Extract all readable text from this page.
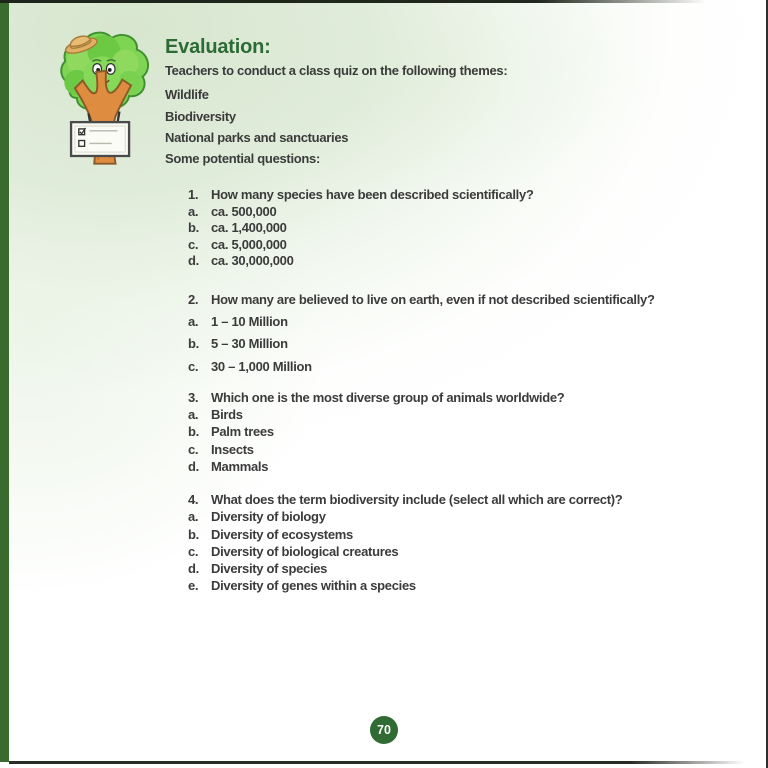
Evaluation:
Teachers to conduct a class quiz on the following themes:
Wildlife
Biodiversity
National parks and sanctuaries
Some potential questions:
1. How many species have been described scientifically?
a. ca. 500,000
b. ca. 1,400,000
c. ca. 5,000,000
d. ca. 30,000,000
2. How many are believed to live on earth, even if not described scientifically?
a. 1 – 10 Million
b. 5 – 30 Million
c. 30 – 1,000 Million
3. Which one is the most diverse group of animals worldwide?
a. Birds
b. Palm trees
c. Insects
d. Mammals
4. What does the term biodiversity include (select all which are correct)?
a. Diversity of biology
b. Diversity of ecosystems
c. Diversity of biological creatures
d. Diversity of species
e. Diversity of genes within a species
70
